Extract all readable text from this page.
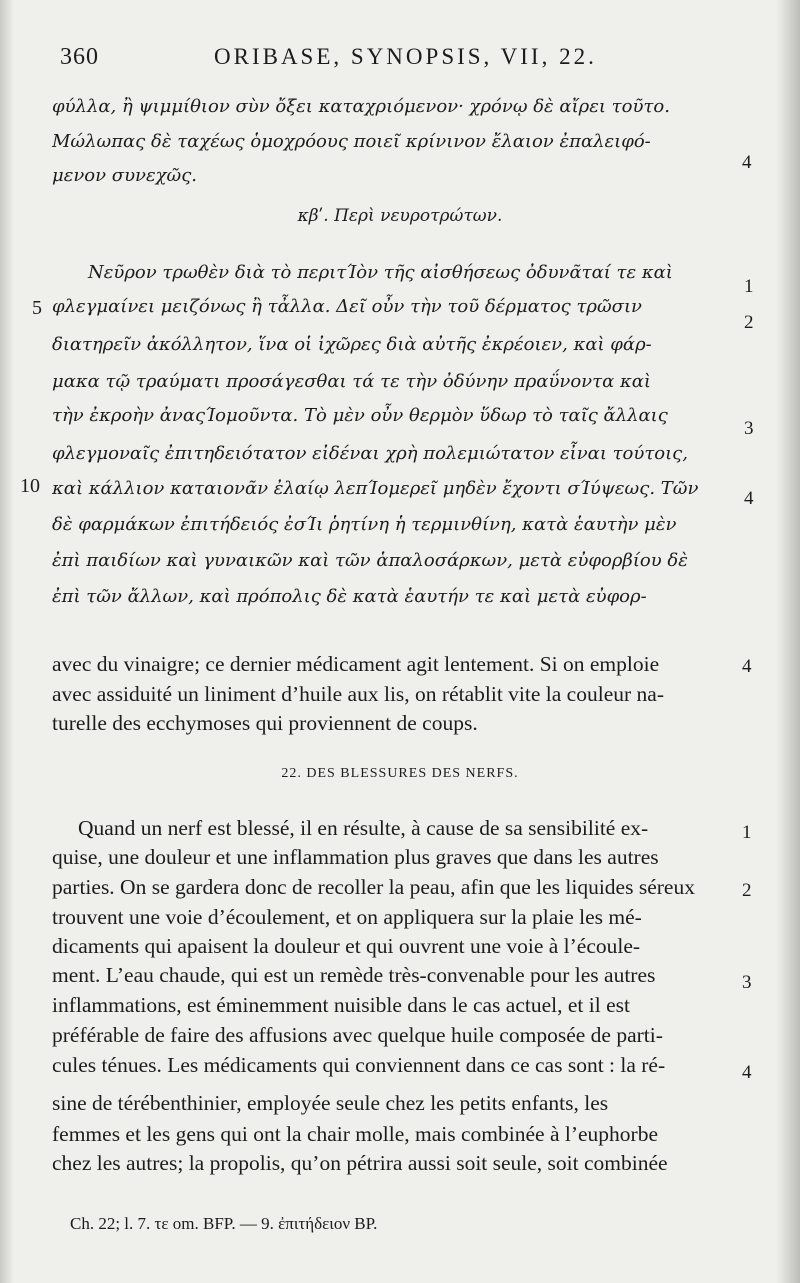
360	ORIBASE, SYNOPSIS, VII, 22.
φύλλα, ἢ ψιμμίθιον σὺν ὄξει καταχριόμενον· χρόνῳ δὲ αἴρει τοῦτο.
Μώλωπας δὲ ταχέως ὁμοχρόους ποιεῖ κρίνινον ἔλαιον ἐπαλειφό-
μενον συνεχῶς.
4
κβʹ. Περὶ νευροτρώτων.
Νεῦρον τρωθὲν διὰ τὸ περιτΊὸν τῆς αἰσθήσεως ὀδυνᾶταί τε καὶ
1
5 φλεγμαίνει μειζόνως ἢ τἆλλα. Δεῖ οὖν τὴν τοῦ δέρματος τρῶσιν
2
διατηρεῖν ἀκόλλητον, ἵνα οἱ ἰχῶρες διὰ αὐτῆς ἐκρέοιεν, καὶ φάρ-
μακα τῷ τραύματι προσάγεσθαι τά τε τὴν ὀδύνην πραΰνοντα καὶ
τὴν ἐκροὴν ἀναςΊομοῦντα. Τὸ μὲν οὖν θερμὸν ὕδωρ τὸ ταῖς ἄλλαις
3
φλεγμοναῖς ἐπιτηδειότατον εἰδέναι χρὴ πολεμιώτατον εἶναι τούτοις,
10 καὶ κάλλιον καταιονᾶν ἐλαίῳ λεπΊομερεῖ μηδὲν ἔχοντι σΊύψεως. Τῶν	4
δὲ φαρμάκων ἐπιτήδειός ἐσΊι ῥητίνη ἡ τερμινθίνη, κατὰ ἑαυτὴν μὲν
ἐπὶ παιδίων καὶ γυναικῶν καὶ τῶν ἁπαλοσάρκων, μετὰ εὐφορβίου δὲ
ἐπὶ τῶν ἄλλων, καὶ πρόπολις δὲ κατὰ ἑαυτήν τε καὶ μετὰ εὐφορ-
avec du vinaigre; ce dernier médicament agit lentement. Si on emploie	4
avec assiduité un liniment d’huile aux lis, on rétablit vite la couleur na-
turelle des ecchymoses qui proviennent de coups.
22. DES BLESSURES DES NERFS.
Quand un nerf est blessé, il en résulte, à cause de sa sensibilité ex-	1
quise, une douleur et une inflammation plus graves que dans les autres
parties. On se gardera donc de recoller la peau, afin que les liquides séreux	2
trouvent une voie d’écoulement, et on appliquera sur la plaie les mé-
dicaments qui apaisent la douleur et qui ouvrent une voie à l’écoule-
ment. L’eau chaude, qui est un remède très-convenable pour les autres	3
inflammations, est éminemment nuisible dans le cas actuel, et il est
préférable de faire des affusions avec quelque huile composée de parti-
cules ténues. Les médicaments qui conviennent dans ce cas sont : la ré-	4
sine de térébenthinier, employée seule chez les petits enfants, les
femmes et les gens qui ont la chair molle, mais combinée à l’euphorbe
chez les autres; la propolis, qu’on pétrira aussi soit seule, soit combinée
Ch. 22; l. 7. τε om. BFP. — 9. ἐπιτήδειον BP.
